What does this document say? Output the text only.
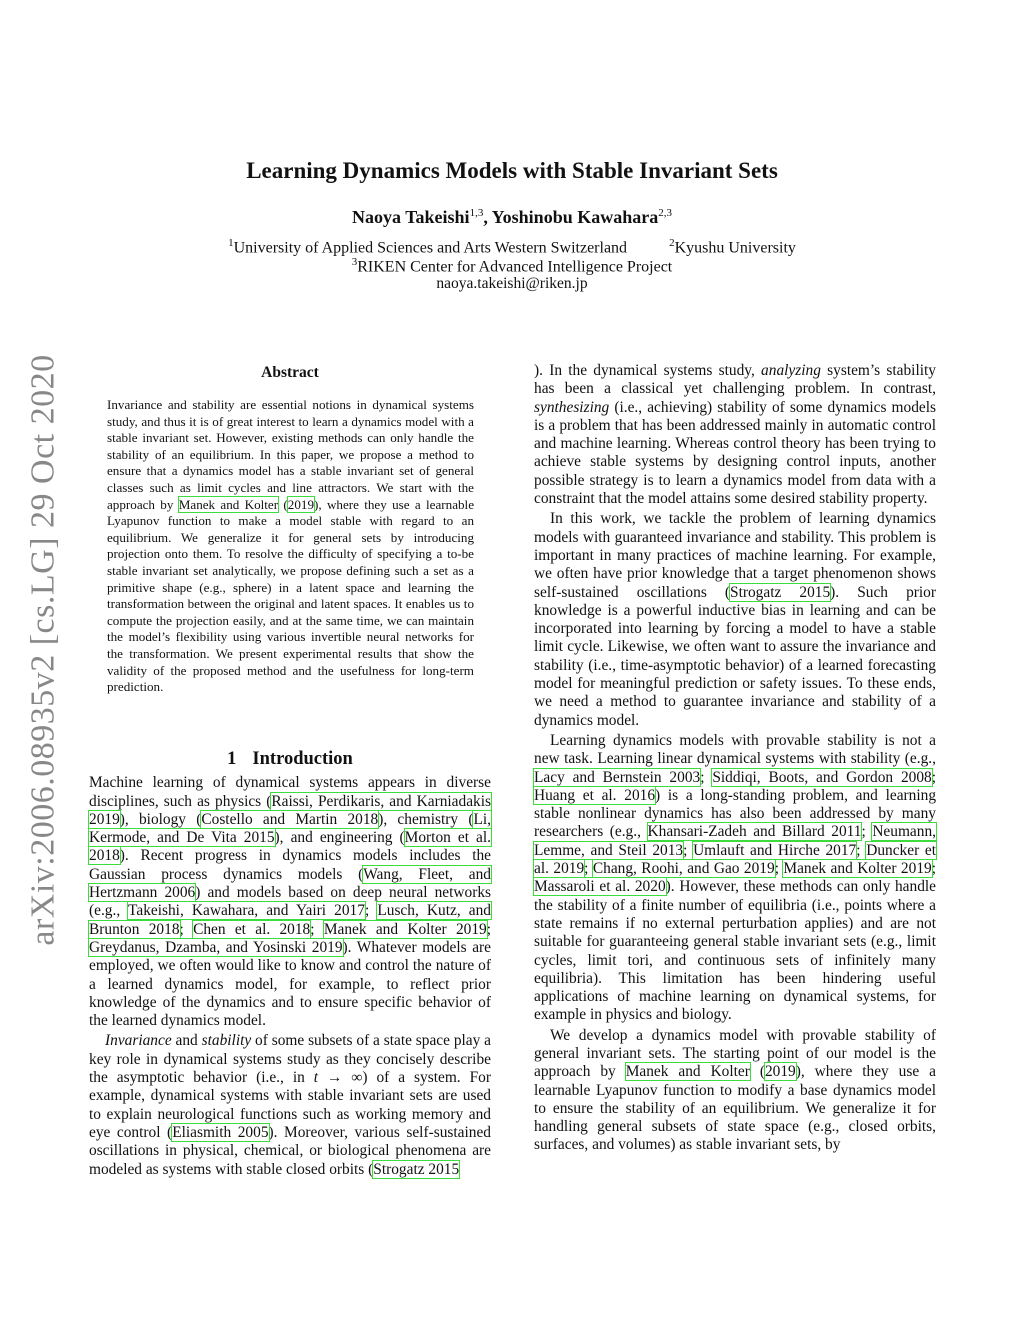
arXiv:2006.08935v2 [cs.LG] 29 Oct 2020
Learning Dynamics Models with Stable Invariant Sets
Naoya Takeishi$^{1,3}$, Yoshinobu Kawahara$^{2,3}$
$^1$University of Applied Sciences and Arts Western Switzerland	$^2$Kyushu University
$^3$RIKEN Center for Advanced Intelligence Project
naoya.takeishi@riken.jp
Abstract
Invariance and stability are essential notions in dynamical systems study, and thus it is of great interest to learn a dynamics model with a stable invariant set. However, existing methods can only handle the stability of an equilibrium. In this paper, we propose a method to ensure that a dynamics model has a stable invariant set of general classes such as limit cycles and line attractors. We start with the approach by Manek and Kolter (2019), where they use a learnable Lyapunov function to make a model stable with regard to an equilibrium. We generalize it for general sets by introducing projection onto them. To resolve the difficulty of specifying a to-be stable invariant set analytically, we propose defining such a set as a primitive shape (e.g., sphere) in a latent space and learning the transformation between the original and latent spaces. It enables us to compute the projection easily, and at the same time, we can maintain the model’s flexibility using various invertible neural networks for the transformation. We present experimental results that show the validity of the proposed method and the usefulness for long-term prediction.
1 Introduction

Machine learning of dynamical systems appears in diverse disciplines, such as physics (Raissi, Perdikaris, and Karniadakis 2019), biology (Costello and Martin 2018), chemistry (Li, Kermode, and De Vita 2015), and engineering (Morton et al. 2018). Recent progress in dynamics models includes the Gaussian process dynamics models (Wang, Fleet, and Hertzmann 2006) and models based on deep neural networks (e.g., Takeishi, Kawahara, and Yairi 2017; Lusch, Kutz, and Brunton 2018; Chen et al. 2018; Manek and Kolter 2019; Greydanus, Dzamba, and Yosinski 2019). Whatever models are employed, we often would like to know and control the nature of a learned dynamics model, for example, to reflect prior knowledge of the dynamics and to ensure specific behavior of the learned dynamics model.

Invariance and stability of some subsets of a state space play a key role in dynamical systems study as they concisely describe the asymptotic behavior (i.e., in t → ∞) of a system. For example, dynamical systems with stable invariant sets are used to explain neurological functions such as working memory and eye control (Eliasmith 2005). Moreover, various self-sustained oscillations in physical, chemical, or biological phenomena are modeled as systems with stable closed orbits (Strogatz 2015

). In the dynamical systems study, analyzing system’s stability has been a classical yet challenging problem. In contrast, synthesizing (i.e., achieving) stability of some dynamics models is a problem that has been addressed mainly in automatic control and machine learning. Whereas control theory has been trying to achieve stable systems by designing control inputs, another possible strategy is to learn a dynamics model from data with a constraint that the model attains some desired stability property.

In this work, we tackle the problem of learning dynamics models with guaranteed invariance and stability. This problem is important in many practices of machine learning. For example, we often have prior knowledge that a target phenomenon shows self-sustained oscillations (Strogatz 2015). Such prior knowledge is a powerful inductive bias in learning and can be incorporated into learning by forcing a model to have a stable limit cycle. Likewise, we often want to assure the invariance and stability (i.e., time-asymptotic behavior) of a learned forecasting model for meaningful prediction or safety issues. To these ends, we need a method to guarantee invariance and stability of a dynamics model.

Learning dynamics models with provable stability is not a new task. Learning linear dynamical systems with stability (e.g., Lacy and Bernstein 2003; Siddiqi, Boots, and Gordon 2008; Huang et al. 2016) is a long-standing problem, and learning stable nonlinear dynamics has also been addressed by many researchers (e.g., Khansari-Zadeh and Billard 2011; Neumann, Lemme, and Steil 2013; Umlauft and Hirche 2017; Duncker et al. 2019; Chang, Roohi, and Gao 2019; Manek and Kolter 2019; Massaroli et al. 2020). However, these methods can only handle the stability of a finite number of equilibria (i.e., points where a state remains if no external perturbation applies) and are not suitable for guaranteeing general stable invariant sets (e.g., limit cycles, limit tori, and continuous sets of infinitely many equilibria). This limitation has been hindering useful applications of machine learning on dynamical systems, for example in physics and biology.

We develop a dynamics model with provable stability of general invariant sets. The starting point of our model is the approach by Manek and Kolter (2019), where they use a learnable Lyapunov function to modify a base dynamics model to ensure the stability of an equilibrium. We generalize it for handling general subsets of state space (e.g., closed orbits, surfaces, and volumes) as stable invariant sets, by
